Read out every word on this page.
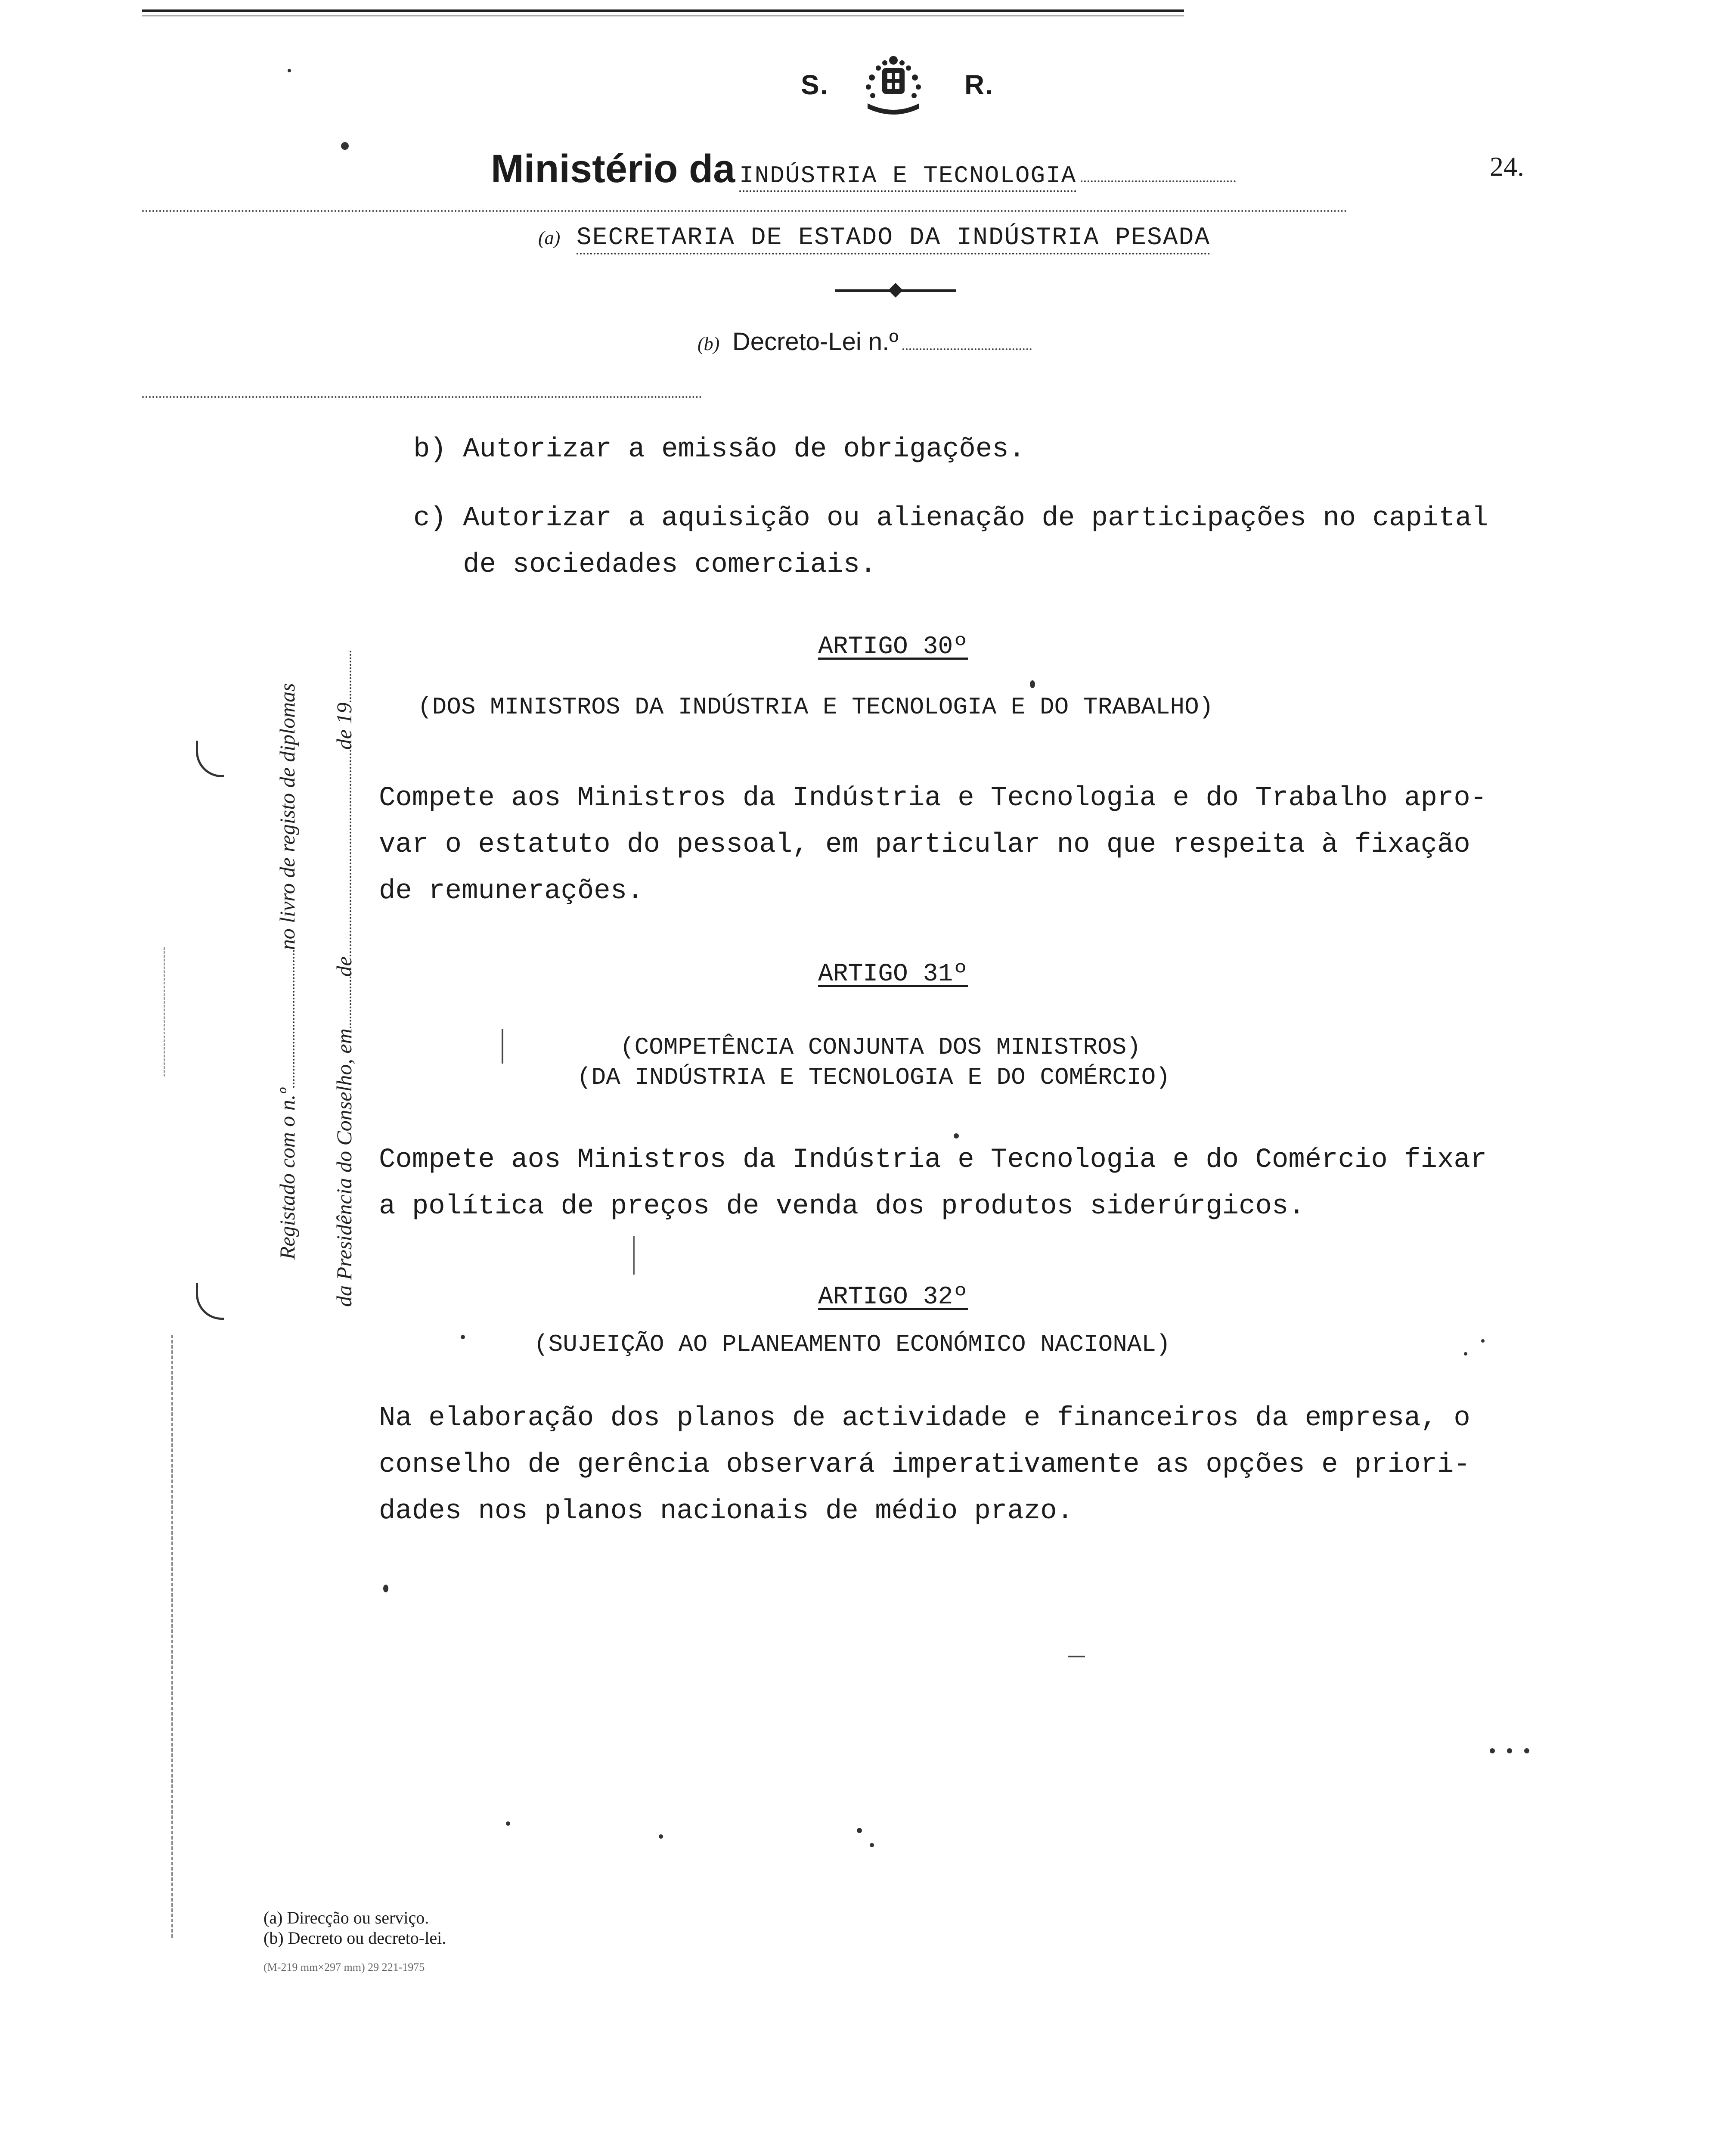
S.	R.
Ministério da INDÚSTRIA E TECNOLOGIA	24.
(a) SECRETARIA DE ESTADO DA INDÚSTRIA PESADA
(b) Decreto-Lei n.º
b) Autorizar a emissão de obrigações.
c) Autorizar a aquisição ou alienação de participações no capital
de sociedades comerciais.
ARTIGO 30º
(DOS MINISTROS DA INDÚSTRIA E TECNOLOGIA E DO TRABALHO)
Compete aos Ministros da Indústria e Tecnologia e do Trabalho apro-
var o estatuto do pessoal, em particular no que respeita à fixação
de remunerações.
ARTIGO 31º
(COMPETÊNCIA CONJUNTA DOS MINISTROS)
(DA INDÚSTRIA E TECNOLOGIA E DO COMÉRCIO)
Compete aos Ministros da Indústria e Tecnologia e do Comércio fixar
a política de preços de venda dos produtos siderúrgicos.
ARTIGO 32º
(SUJEIÇÃO AO PLANEAMENTO ECONÓMICO NACIONAL)
Na elaboração dos planos de actividade e financeiros da empresa, o
conselho de gerência observará imperativamente as opções e priori-
dades nos planos nacionais de médio prazo.

Registado com o n.ºno livro de registo de diplomas

da Presidência do Conselho, emdede 19

(a) Direcção ou serviço.
(b) Decreto ou decreto-lei.
(M-219 mm×297 mm) 29 221-1975
